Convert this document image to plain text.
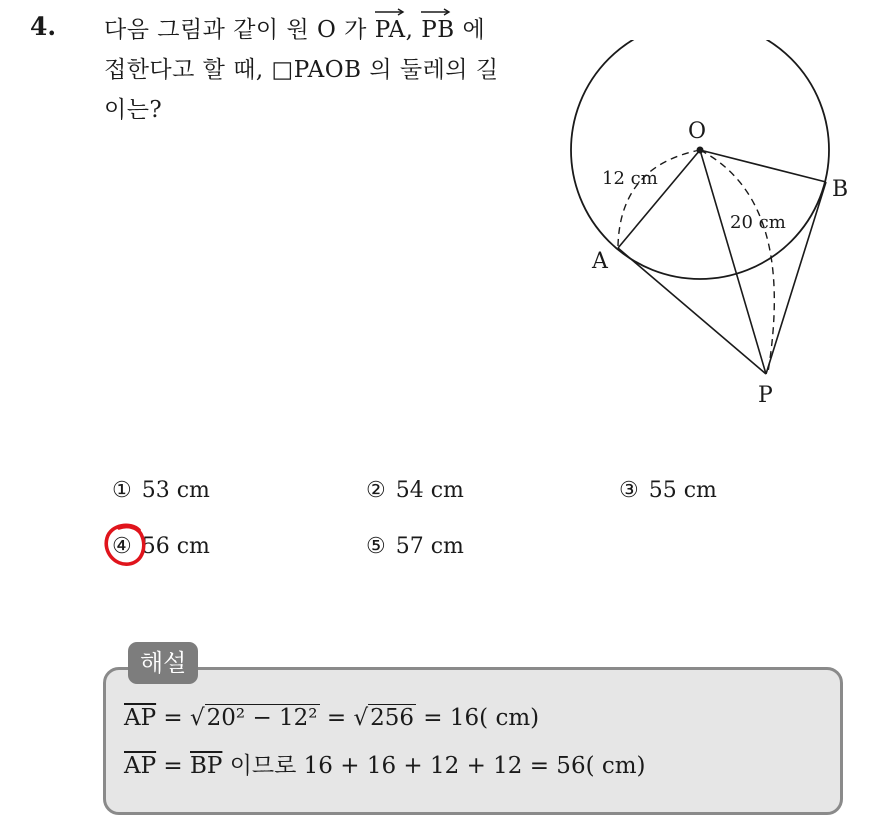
4. 다음 그림과 같이 원 O 가
PA,
PB 에
접한다고 할 때, □PAOB 의 둘레의 길
이는?
O
A
B
P
12 cm
20 cm
① 53 cm	② 54 cm	③ 55 cm
④ 56 cm	⑤ 57 cm
해설
$\overline{AP} = √20^2 - 12^2 = √256 = 16$( cm)
$\overline{AP} = \overline{BP}$ 이므로 16 + 16 + 12 + 12 = 56( cm)
